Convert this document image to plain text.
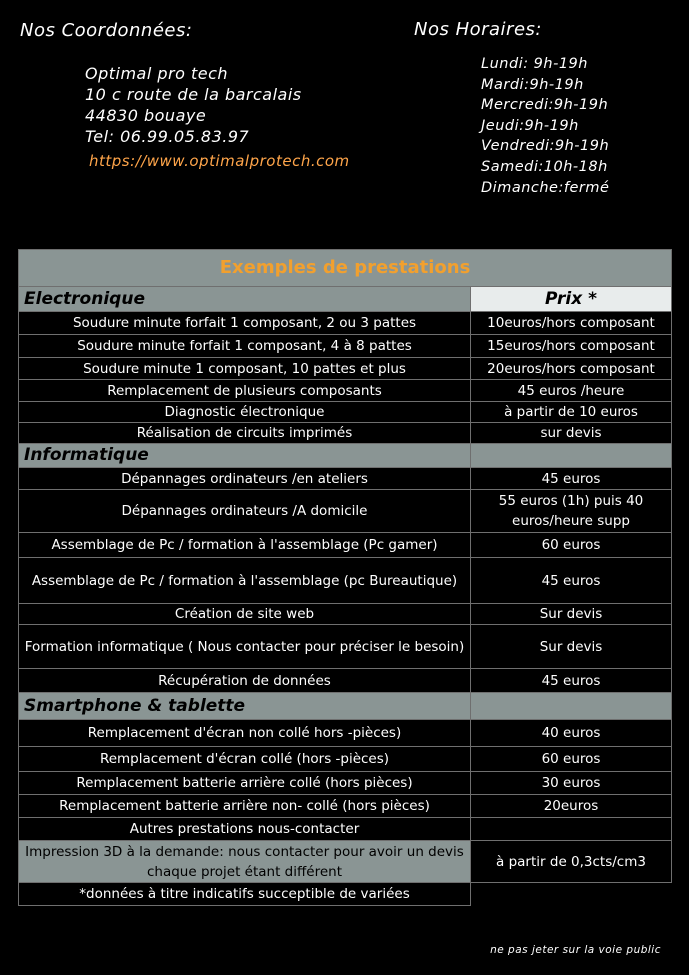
Nos Coordonnées:	Nos Horaires:
Optimal pro tech
10 c route de la barcalais
44830 bouaye
Tel: 06.99.05.83.97
https://www.optimalprotech.com
Lundi: 9h-19h
Mardi:9h-19h
Mercredi:9h-19h
Jeudi:9h-19h
Vendredi:9h-19h
Samedi:10h-18h
Dimanche:fermé
Exemples de prestations	
Electronique	Prix *
Soudure minute forfait 1 composant, 2 ou 3 pattes	10euros/hors composant
Soudure minute forfait 1 composant, 4 à 8 pattes	15euros/hors composant
Soudure minute 1 composant, 10 pattes et plus	20euros/hors composant
Remplacement de plusieurs composants	45 euros /heure
Diagnostic électronique	à partir de 10 euros
Réalisation de circuits imprimés	sur devis
Informatique	
Dépannages ordinateurs /en ateliers	45 euros
Dépannages ordinateurs /A domicile	55 euros (1h) puis 40 euros/heure supp
Assemblage de Pc / formation à l'assemblage (Pc gamer)	60 euros
Assemblage de Pc / formation à l'assemblage (pc Bureautique)	45 euros
Création de site web	Sur devis
Formation informatique ( Nous contacter pour préciser le besoin)	Sur devis
Récupération de données	45 euros
Smartphone & tablette	
Remplacement d'écran non collé hors -pièces)	40 euros
Remplacement d'écran collé (hors -pièces)	60 euros
Remplacement batterie arrière collé (hors pièces)	30 euros
Remplacement batterie arrière non- collé (hors pièces)	20euros
Autres prestations nous-contacter	
Impression 3D à la demande: nous contacter pour avoir un devis chaque projet étant différent	à partir de 0,3cts/cm3
*données à titre indicatifs succeptible de variées	
ne pas jeter sur la voie public
